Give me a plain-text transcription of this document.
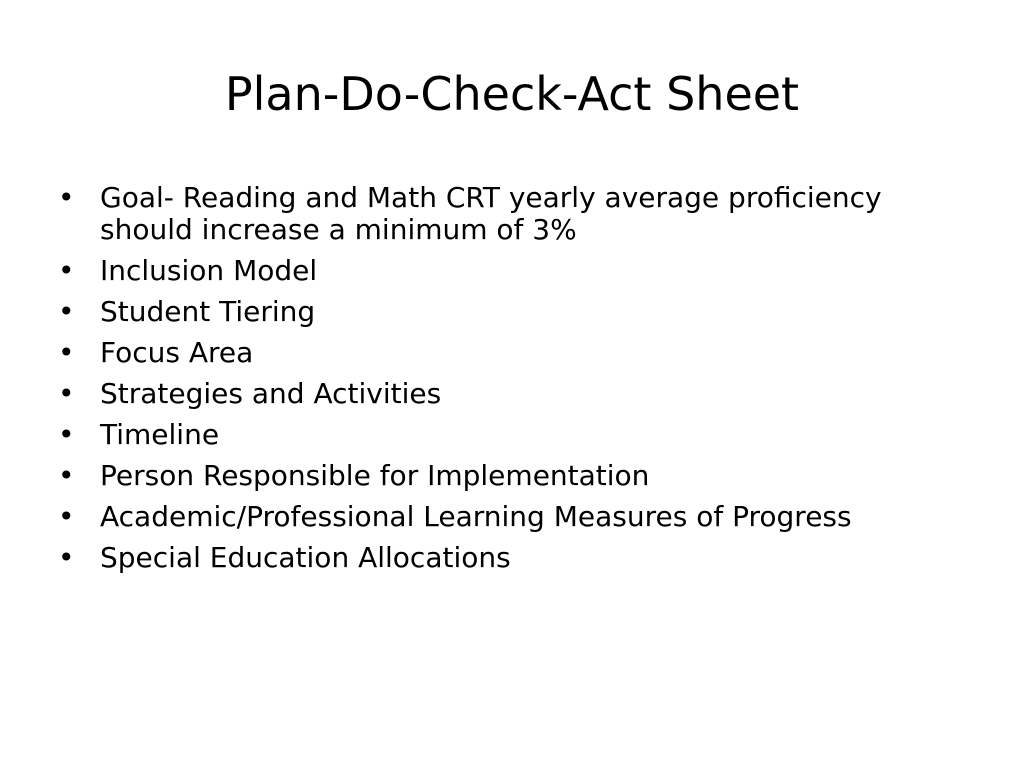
Plan-Do-Check-Act Sheet
• Goal- Reading and Math CRT yearly average proficiency should increase a minimum of 3%
• Inclusion Model
• Student Tiering
• Focus Area
• Strategies and Activities
• Timeline
• Person Responsible for Implementation
• Academic/Professional Learning Measures of Progress
• Special Education Allocations
